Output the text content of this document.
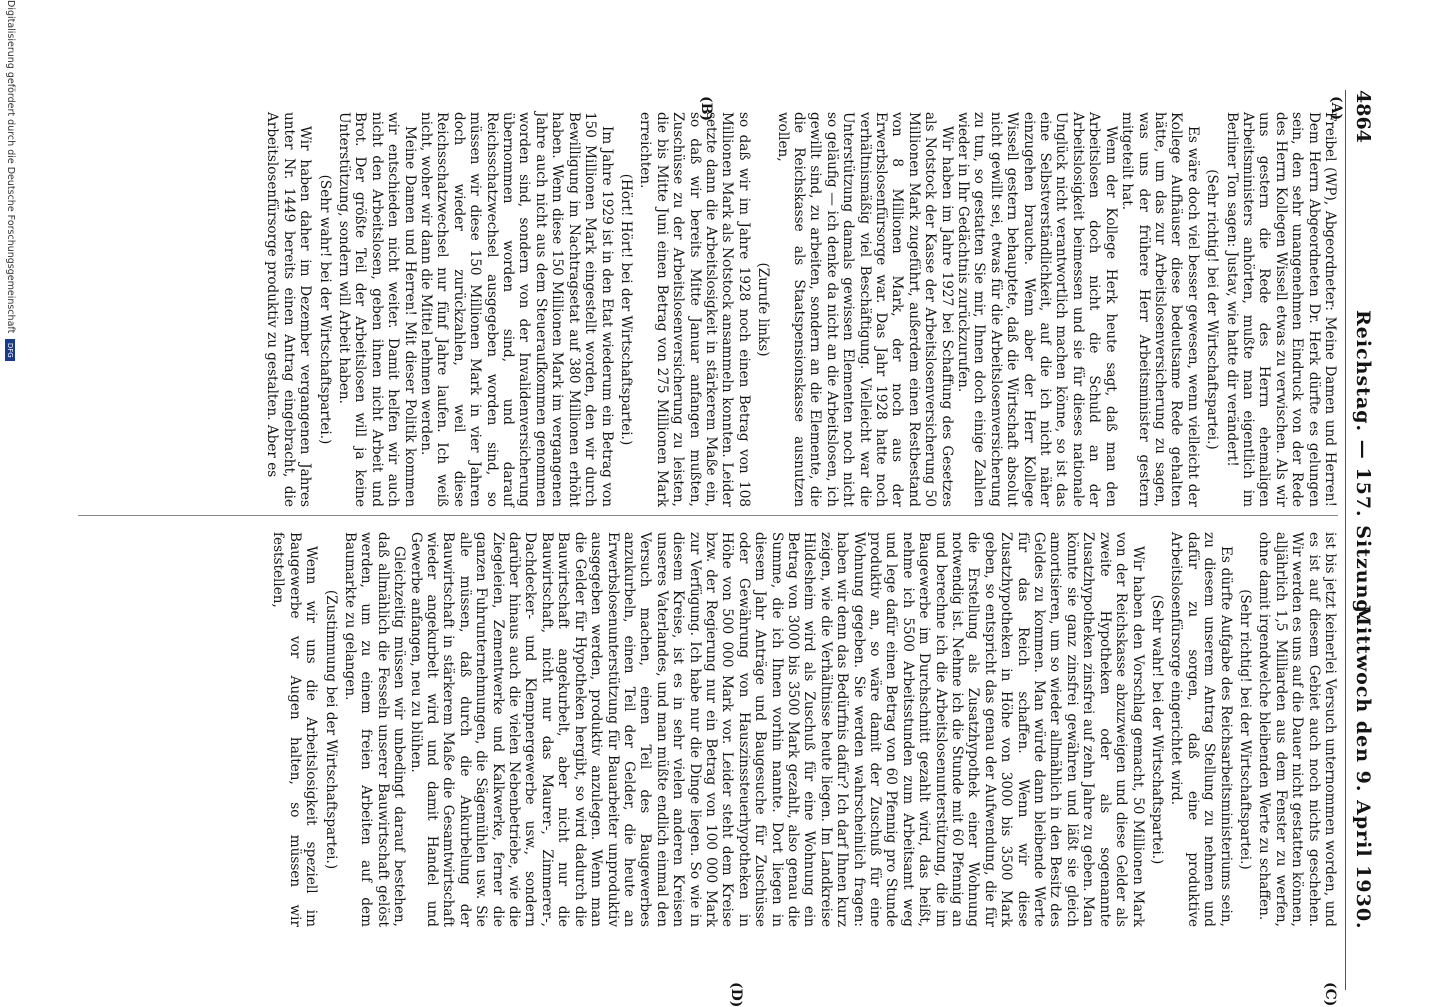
4864
Reichstag. — 157. Sitzung.
Mittwoch den 9. April 1930.
(A)
(B)
(C)
(D)

Freibel (WP), Abgeordneter: Meine Damen und Herren! Dem Herrn Abgeordneten Dr. Herk dürfte es gelungen sein, den sehr unangenehmen Eindruck von der Rede des Herrn Kollegen Wissell etwas zu verwischen. Als wir uns gestern die Rede des Herrn ehemaligen Arbeitsministers anhörten, mußte man eigentlich im Berliner Ton sagen: Justav, wie hatte dir verändert!

(Sehr richtig! bei der Wirtschaftspartei.)

Es wäre doch viel besser gewesen, wenn vielleicht der Kollege Aufhäuser diese bedeutsame Rede gehalten hätte, um das zur Arbeitslosenversicherung zu sagen, was uns der frühere Herr Arbeitsminister gestern mitgeteilt hat.

Wenn der Kollege Herk heute sagt, daß man den Arbeitslosen doch nicht die Schuld an der Arbeitslosigkeit beimessen und sie für dieses nationale Unglück nicht verantwortlich machen könne, so ist das eine Selbstverständlichkeit, auf die ich nicht näher einzugehen brauche. Wenn aber der Herr Kollege Wissell gestern behauptete, daß die Wirtschaft absolut nicht gewillt sei, etwas für die Arbeitslosenversicherung zu tun, so gestatten Sie mir, Ihnen doch einige Zahlen wieder in Ihr Gedächtnis zurückzurufen.

Wir haben im Jahre 1927 bei Schaffung des Gesetzes als Notstock der Kasse der Arbeitslosenversicherung 50 Millionen Mark zugeführt, außerdem einen Restbestand von 8 Millionen Mark, der noch aus der Erwerbslosenfürsorge war. Das Jahr 1928 hatte noch verhältnismäßig viel Beschäftigung. Vielleicht war die Unterstützung damals gewissen Elementen noch nicht so geläufig — ich denke da nicht an die Arbeitslosen, ich gewillt sind, zu arbeiten, sondern an die Elemente, die die Reichskasse als Staatspensionskasse ausnutzen wollen,

(Zurufe links)

so daß wir im Jahre 1928 noch einen Betrag von 108 Millionen Mark als Notstock ansammeln konnten. Leider setzte dann die Arbeitslosigkeit in stärkerem Maße ein, so daß wir bereits Mitte Januar anfangen mußten, Zuschüsse zu der Arbeitslosenversicherung zu leisten, die bis Mitte Juni einen Betrag von 275 Millionen Mark erreichten.

(Hört! Hört! bei der Wirtschaftspartei.)

Im Jahre 1929 ist in den Etat wiederum ein Betrag von 150 Millionen Mark eingestellt worden, den wir durch Bewilligung im Nachtragsetat auf 380 Millionen erhöht haben. Wenn diese 150 Millionen Mark im vergangenen Jahre auch nicht aus dem Steueraufkommen genommen worden sind, sondern von der Invalidenversicherung übernommen worden sind, und darauf Reichsschatzwechsel ausgegeben worden sind, so müssen wir diese 150 Millionen Mark in vier Jahren doch wieder zurückzahlen, weil diese Reichsschatzwechsel nur fünf Jahre laufen. Ich weiß nicht, woher wir dann die Mittel nehmen werden.

Meine Damen und Herren! Mit dieser Politik kommen wir entschieden nicht weiter. Damit helfen wir auch nicht den Arbeitslosen, geben ihnen nicht Arbeit und Brot. Der größte Teil der Arbeitslosen will ja keine Unterstützung, sondern will Arbeit haben.

(Sehr wahr! bei der Wirtschaftspartei.)

Wir haben daher im Dezember vergangenen Jahres unter Nr. 1449 bereits einen Antrag eingebracht, die Arbeitslosenfürsorge produktiv zu gestalten. Aber es

ist bis jetzt keinerlei Versuch unternommen worden, und es ist auf diesem Gebiet auch noch nichts geschehen. Wir werden es uns auf die Dauer nicht gestatten können, alljährlich 1,5 Milliarden aus dem Fenster zu werfen, ohne damit irgendwelche bleibenden Werte zu schaffen.

(Sehr richtig! bei der Wirtschaftspartei.)

Es dürfte Aufgabe des Reichsarbeitsministeriums sein, zu diesem unserem Antrag Stellung zu nehmen und dafür zu sorgen, daß eine produktive Arbeitslosenfürsorge eingerichtet wird.

(Sehr wahr! bei der Wirtschaftspartei.)

Wir haben den Vorschlag gemacht, 50 Millionen Mark von der Reichskasse abzuzweigen und diese Gelder als zweite Hypotheken oder als sogenannte Zusatzhypotheken zinsfrei auf zehn Jahre zu geben. Man könnte sie ganz zinsfrei gewähren und läßt sie gleich amortisieren, um so wieder allmählich in den Besitz des Geldes zu kommen. Man würde dann bleibende Werte für das Reich schaffen. Wenn wir diese Zusatzhypotheken in Höhe von 3000 bis 3500 Mark geben, so entspricht das genau der Aufwendung, die für die Erstellung als Zusatzhypothek einer Wohnung notwendig ist. Nehme ich die Stunde mit 60 Pfennig an und berechne ich die Arbeitslosenunterstützung, die im Baugewerbe im Durchschnitt gezahlt wird, das heißt, nehme ich 5500 Arbeitsstunden zum Arbeitsamt weg und lege dafür einen Betrag von 60 Pfennig pro Stunde produktiv an, so wäre damit der Zuschuß für eine Wohnung gegeben. Sie werden wahrscheinlich fragen: haben wir denn das Bedürfnis dafür? Ich darf Ihnen kurz zeigen, wie die Verhältnisse heute liegen. Im Landkreise Hildesheim wird als Zuschuß für eine Wohnung ein Betrag von 3000 bis 3500 Mark gezahlt, also genau die Summe, die ich Ihnen vorhin nannte. Dort liegen in diesem Jahr Anträge und Baugesuche für Zuschüsse oder Gewährung von Hauszinssteuerhypotheken in Höhe von 500 000 Mark vor. Leider steht dem Kreise bzw. der Regierung nur ein Betrag von 100 000 Mark zur Verfügung. Ich habe nur die Dinge liegen. So wie in diesem Kreise, ist es in sehr vielen anderen Kreisen unseres Vaterlandes, und man müßte endlich einmal den Versuch machen, einen Teil des Baugewerbes anzukurbeln, einen Teil der Gelder, die heute an Erwerbslosenunterstützung für Bauarbeiter unproduktiv ausgegeben werden, produktiv anzulegen. Wenn man die Gelder für Hypotheken hergibt, so wird dadurch die Bauwirtschaft angekurbelt, aber nicht nur die Bauwirtschaft, nicht nur das Maurer-, Zimmerer-, Dachdecker- und Klempnergewerbe usw., sondern darüber hinaus auch die vielen Nebenbetriebe, wie die Ziegeleien, Zementwerke und Kalkwerke, ferner die ganzen Fuhrunternehmungen, die Sägemühlen usw. Sie alle müssen, daß durch die Ankurbelung der Bauwirtschaft in stärkerem Maße die Gesamtwirtschaft wieder angekurbelt wird und damit Handel und Gewerbe anfangen, neu zu blühen.

Gleichzeitig müssen wir unbedingt darauf bestehen, daß allmählich die Fesseln unserer Bauwirtschaft gelöst werden, um zu einem freien Arbeiten auf dem Baumarkte zu gelangen.

(Zustimmung bei der Wirtschaftspartei.)

Wenn wir uns die Arbeitslosigkeit speziell im Baugewerbe vor Augen halten, so müssen wir feststellen,

Digitalisierung gefördert durch die Deutsche ForschungsgemeinschaftDFG
